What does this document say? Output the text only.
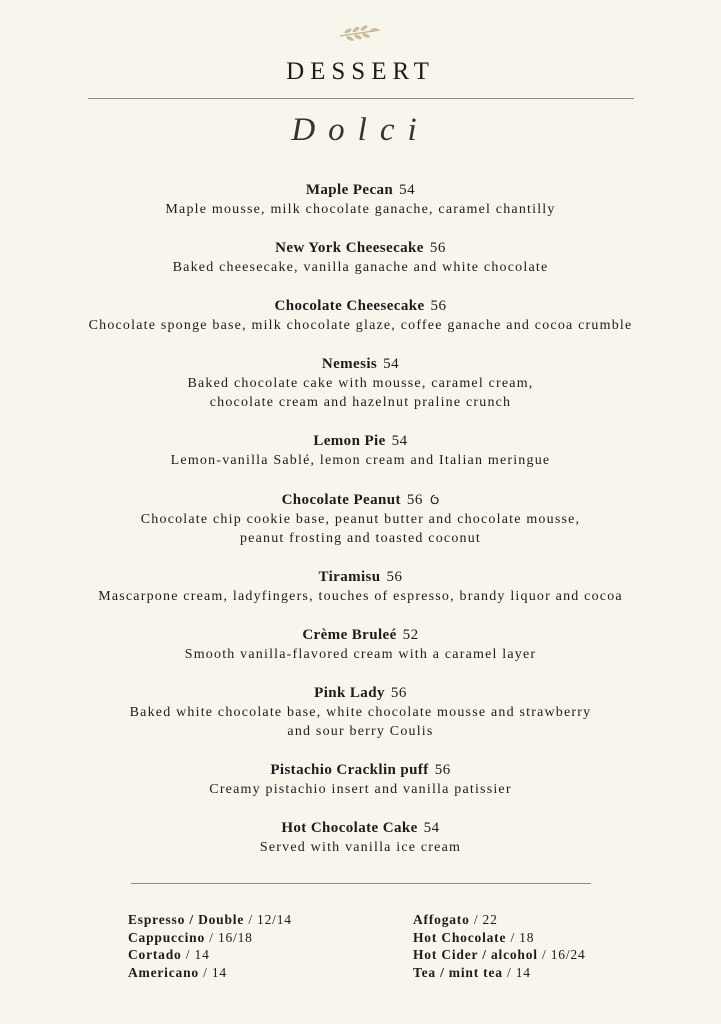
DESSERT
Dolci
Maple Pecan 54
Maple mousse, milk chocolate ganache, caramel chantilly
New York Cheesecake 56
Baked cheesecake, vanilla ganache and white chocolate
Chocolate Cheesecake 56
Chocolate sponge base, milk chocolate glaze, coffee ganache and cocoa crumble
Nemesis 54
Baked chocolate cake with mousse, caramel cream,
chocolate cream and hazelnut praline crunch
Lemon Pie 54
Lemon-vanilla Sablé, lemon cream and Italian meringue
Chocolate Peanut 56 Ỽ
Chocolate chip cookie base, peanut butter and chocolate mousse,
peanut frosting and toasted coconut
Tiramisu 56
Mascarpone cream, ladyfingers, touches of espresso, brandy liquor and cocoa
Crème Bruleé 52
Smooth vanilla-flavored cream with a caramel layer
Pink Lady 56
Baked white chocolate base, white chocolate mousse and strawberry
and sour berry Coulis
Pistachio Cracklin puff 56
Creamy pistachio insert and vanilla patissier
Hot Chocolate Cake 54
Served with vanilla ice cream
Espresso / Double / 12/14
Cappuccino / 16/18
Cortado / 14
Americano / 14
Affogato / 22
Hot Chocolate / 18
Hot Cider / alcohol / 16/24
Tea / mint tea / 14
